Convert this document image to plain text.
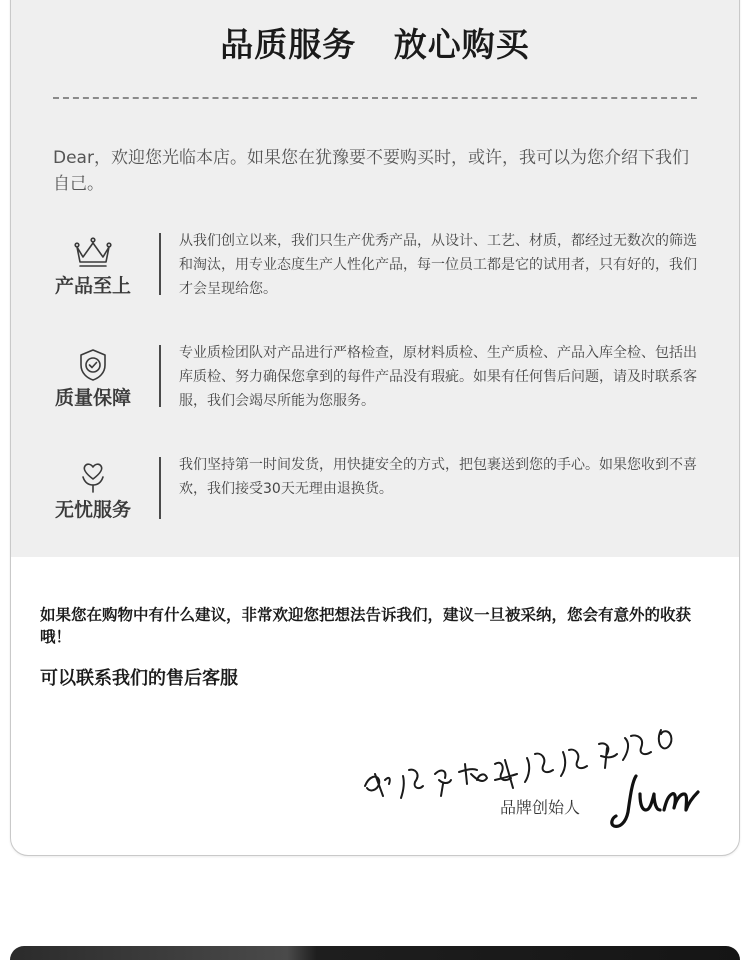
品质服务   放心购买
Dear，欢迎您光临本店。如果您在犹豫要不要购买时，或许，我可以为您介绍下我们自己。
产品至上
从我们创立以来，我们只生产优秀产品，从设计、工艺、材质，都经过无数次的筛选和淘汰，用专业态度生产人性化产品，每一位员工都是它的试用者，只有好的，我们才会呈现给您。
质量保障
专业质检团队对产品进行严格检查，原材料质检、生产质检、产品入库全检、包括出库质检、努力确保您拿到的每件产品没有瑕疵。如果有任何售后问题，请及时联系客服，我们会竭尽所能为您服务。
无忧服务
我们坚持第一时间发货，用快捷安全的方式，把包裹送到您的手心。如果您收到不喜欢，我们接受30天无理由退换货。
如果您在购物中有什么建议，非常欢迎您把想法告诉我们，建议一旦被采纳，您会有意外的收获哦！
可以联系我们的售后客服
品牌创始人
